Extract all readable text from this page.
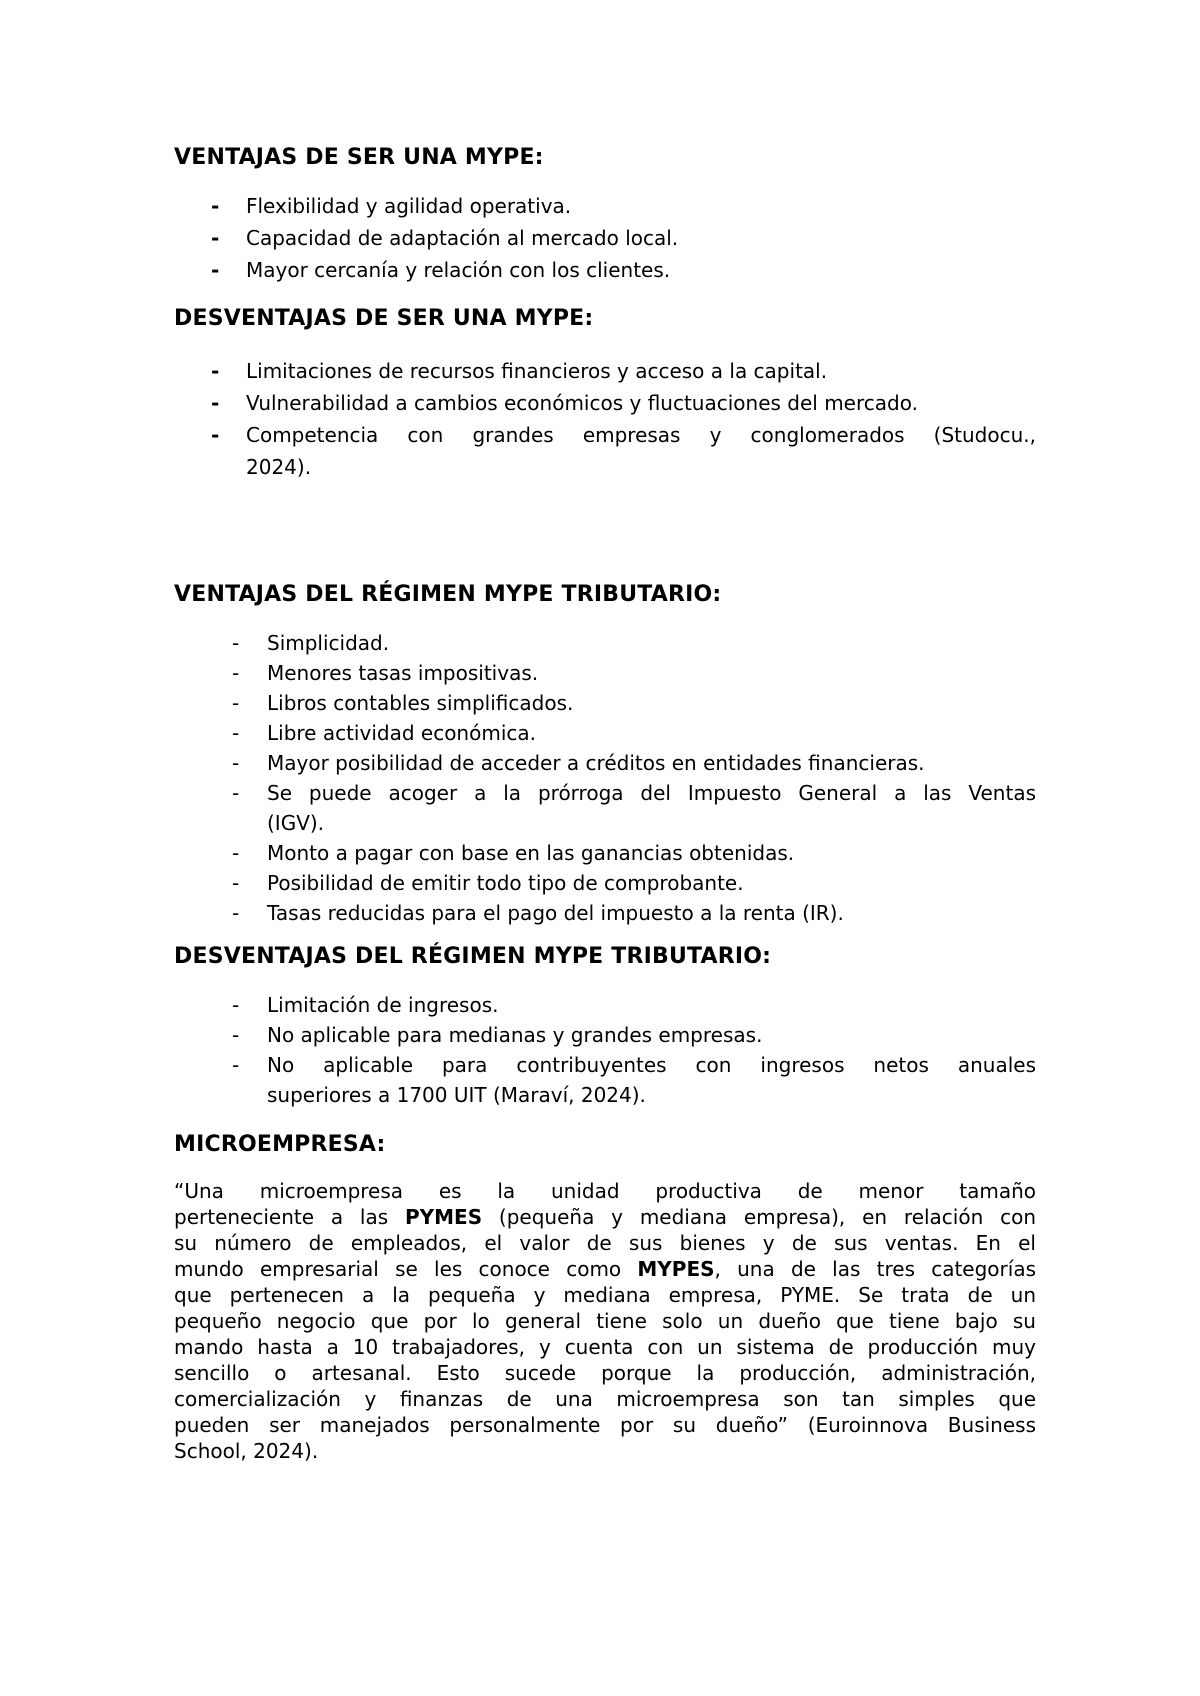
VENTAJAS DE SER UNA MYPE:
- Flexibilidad y agilidad operativa.
- Capacidad de adaptación al mercado local.
- Mayor cercanía y relación con los clientes.
DESVENTAJAS DE SER UNA MYPE:
- Limitaciones de recursos financieros y acceso a la capital.
- Vulnerabilidad a cambios económicos y fluctuaciones del mercado.
- Competencia con grandes empresas y conglomerados (Studocu.,
2024).
VENTAJAS DEL RÉGIMEN MYPE TRIBUTARIO:
- Simplicidad.
- Menores tasas impositivas.
- Libros contables simplificados.
- Libre actividad económica.
- Mayor posibilidad de acceder a créditos en entidades financieras.
- Se puede acoger a la prórroga del Impuesto General a las Ventas
(IGV).
- Monto a pagar con base en las ganancias obtenidas.
- Posibilidad de emitir todo tipo de comprobante.
- Tasas reducidas para el pago del impuesto a la renta (IR).
DESVENTAJAS DEL RÉGIMEN MYPE TRIBUTARIO:
- Limitación de ingresos.
- No aplicable para medianas y grandes empresas.
- No aplicable para contribuyentes con ingresos netos anuales
superiores a 1700 UIT (Maraví, 2024).
MICROEMPRESA:
“Una microempresa es la unidad productiva de menor tamaño
perteneciente a las PYMES (pequeña y mediana empresa), en relación con
su número de empleados, el valor de sus bienes y de sus ventas. En el
mundo empresarial se les conoce como MYPES, una de las tres categorías
que pertenecen a la pequeña y mediana empresa, PYME. Se trata de un
pequeño negocio que por lo general tiene solo un dueño que tiene bajo su
mando hasta a 10 trabajadores, y cuenta con un sistema de producción muy
sencillo o artesanal. Esto sucede porque la producción, administración,
comercialización y finanzas de una microempresa son tan simples que
pueden ser manejados personalmente por su dueño” (Euroinnova Business
School, 2024).
